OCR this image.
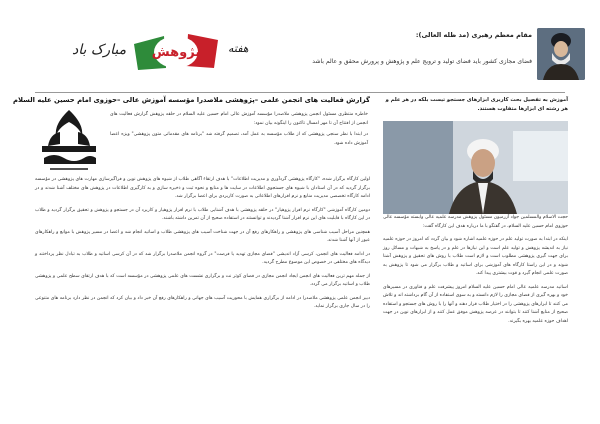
مقام معظم رهبری (مد ظله العالی):
فضای مجازی کشور باید فضای تولید و ترویج علم و پژوهش و پرورش محقق و عالم باشد
هفته
پژوهش
مبارک باد
آموزش به تفصیل بحث کاربری ابزارهای جستجو تیست بلکه در هر علم و هر رشته ای ابزارها متفاوت هستند.

حجت الاسلام والمسلمین جواد آزرمیون مسئول پژوهش مدرسه علمیه عالی وابسته مؤسسه عالی حوزوی امام حسین علیه السلام، در گفتگو با ما درباره هدف این کارگاه گفت:

اینکه در ابتدا به صورت تولید علم در حوزه علمیه اشاره شود و بیان گردد که امروز در حوزه علمیه نیاز به اندیشه پژوهش و تولید علم است و این نیازها در علم و در پاسخ به شبهات و مسائل روز برای جهت گیری پژوهشی مطلوب است و لازم است طلاب با روش های تحقیق و پژوهش آشنا شوند و در این راستا کارگاه های آموزشی برای اساتید و طلاب برگزار می شود تا پژوهش به صورت علمی انجام گیرد و قوت بیشتری پیدا کند.

اساتید مدرسه علمیه عالی امام حسین علیه السلام امروز پیشرفت علم و فناوری در مسیرهای خود و بهره گیری از فضای مجازی را لازم دانسته و به سوی استفاده از آن گام برداشته اند و تلاش می کنند تا ابزارهای پژوهشی را در اختیار طلاب قرار دهند و آنها را با روش های جستجو و استفاده صحیح از منابع آشنا کنند تا بتوانند در عرصه پژوهش موفق عمل کنند و از ابزارهای نوین در جهت اهداف حوزه علمیه بهره بگیرند.

گزارش فعالیت های انجمن علمی –پژوهشی ملاصدرا مؤسسه آموزش عالی –حوزوی امام حسین علیه السلام

خاطره منتظری مسئول انجمن پژوهشی ملاصدرا مؤسسه آموزش عالی امام حسین علیه السلام در حلقه پژوهش گزارش فعالیت های انجمن از افتتاح آن تا مهر امسال تاکنون را اینگونه بیان نمود:

در ابتدا با نظر سنجی پژوهشی که از طلاب مؤسسه به عمل آمد، تصمیم گرفته شد "برنامه های مقدماتی متون پژوهشی" ویژه اعضا آموزش داده شود.

اولین کارگاه برگزار شده، "کارگاه پژوهشی گردآوری و مدیریت اطلاعات" با هدف ارتقاء آگاهی طلاب از شیوه های پژوهش نوین و فراگیرسازی مهارت های پژوهشی در مؤسسه برگزار گردید که در آن استادان با شیوه های جستجوی اطلاعات در سایت ها و منابع و نحوه ثبت و ذخیره سازی و به کارگیری اطلاعات در پژوهش های مختلف آشنا شدند و در ادامه کارگاه تخصصی مدیریت منابع و نرم افزارهای اطلاعاتی به صورت کاربردی برای اعضا برگزار شد.

دومین کارگاه آموزشی "کارگاه نرم افزار پژوهیار" در حلقه پژوهشی با هدف آشنایی طلاب با نرم افزار پژوهیار و کاربرد آن در جستجو و پژوهش و تحقیق برگزار گردید و طلاب در این کارگاه با قابلیت های این نرم افزار آشنا گردیدند و توانستند در استفاده صحیح از آن تمرین داشته باشند.

همچنین مراحل آسیب شناسی های پژوهشی و راهکارهای رفع آن در جهت شناخت آسیب های پژوهشی طلاب و اساتید انجام شد و اعضا در مسیر پژوهش با موانع و راهکارهای عبور از آنها آشنا شدند.

در ادامه فعالیت های انجمن، کرسی آزاد اندیشی "فضای مجازی تهدید یا فرصت" در گروه انجمن ملاصدرا برگزار شد که در آن کرسی اساتید و طلاب به تبادل نظر پرداختند و دیدگاه های مختلفی در خصوص این موضوع مطرح گردید.

از جمله مهم ترین فعالیت های انجمن ایجاد انجمن مجازی در فضای کوثر نت و برگزاری نشست های علمی پژوهشی در مؤسسه است که با هدف ارتقای سطح علمی و پژوهشی طلاب و اساتید برگزار می گردد.

دبیر انجمن علمی پژوهشی ملاصدرا در ادامه از برگزاری همایش با محوریت آسیب های جهانی و راهکارهای رفع آن خبر داد و بیان کرد که انجمن در نظر دارد برنامه های متنوعی را در سال جاری برگزار نماید.
